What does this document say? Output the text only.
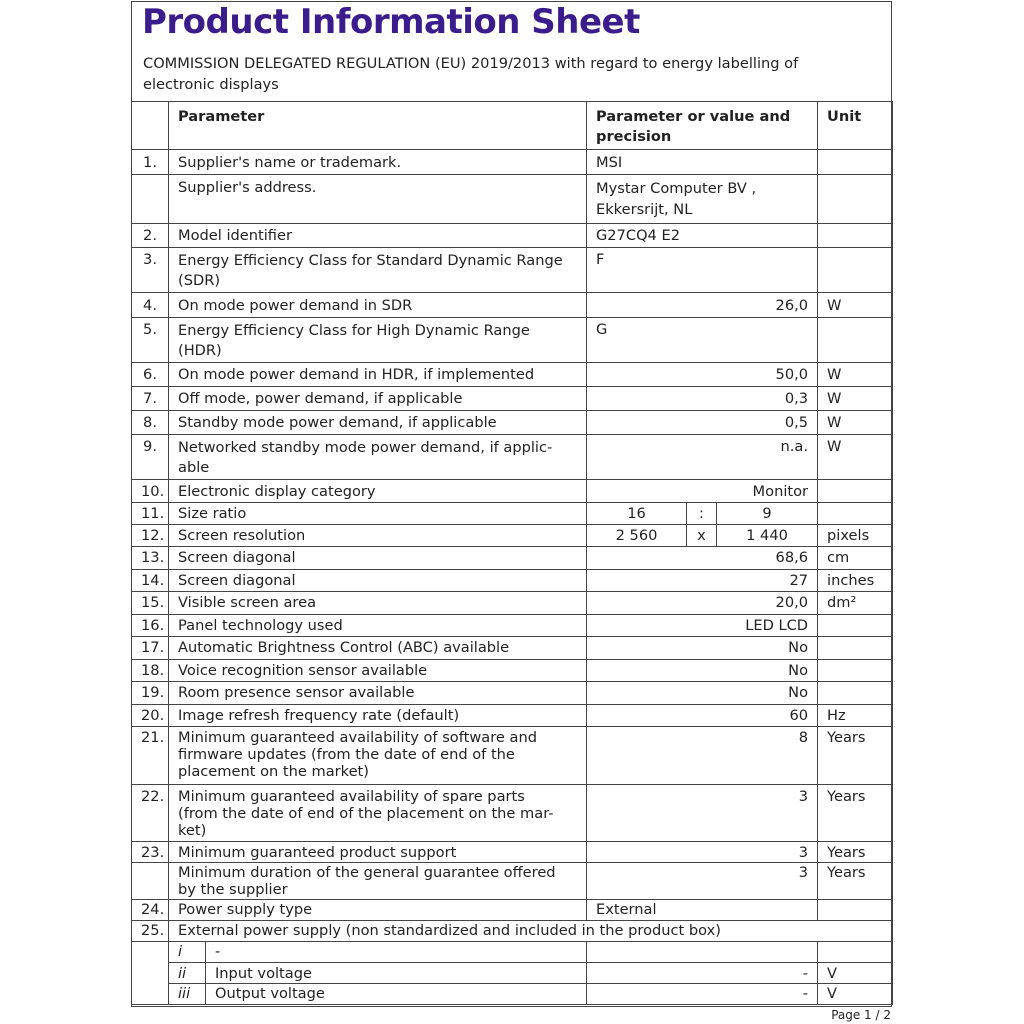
Product Information Sheet
COMMISSION DELEGATED REGULATION (EU) 2019/2013 with regard to energy labelling of electronic displays
	Parameter		Parameter or value and precision			Unit
1.	Supplier's name or trademark.		MSI			
	Supplier's address.		Mystar Computer BV , Ekkersrijt, NL			
2.	Model identifier		G27CQ4 E2			
3.	Energy Efficiency Class for Standard Dynamic Range (SDR)		F			
4.	On mode power demand in SDR		26,0			W
5.	Energy Efficiency Class for High Dynamic Range (HDR)		G			
6.	On mode power demand in HDR, if implemented		50,0			W
7.	Off mode, power demand, if applicable		0,3			W
8.	Standby mode power demand, if applicable		0,5			W
9.	Networked standby mode power demand, if applic-able		n.a.			W
10.	Electronic display category		Monitor			
11.	Size ratio		16	:	9	
12.	Screen resolution		2 560	x	1 440	pixels
13.	Screen diagonal		68,6			cm
14.	Screen diagonal		27			inches
15.	Visible screen area		20,0			dm²
16.	Panel technology used		LED LCD			
17.	Automatic Brightness Control (ABC) available		No			
18.	Voice recognition sensor available		No			
19.	Room presence sensor available		No			
20.	Image refresh frequency rate (default)		60			Hz
21.	Minimum guaranteed availability of software and firmware updates (from the date of end of the placement on the market)		8			Years
22.	Minimum guaranteed availability of spare parts (from the date of end of the placement on the mar-ket)		3			Years
23.	Minimum guaranteed product support		3			Years
	Minimum duration of the general guarantee offered by the supplier		3			Years
24.	Power supply type		External			
25.	External power supply (non standardized and included in the product box)					
	i	-				
	ii	Input voltage	-			V
	iii	Output voltage	-			V
Page 1 / 2
